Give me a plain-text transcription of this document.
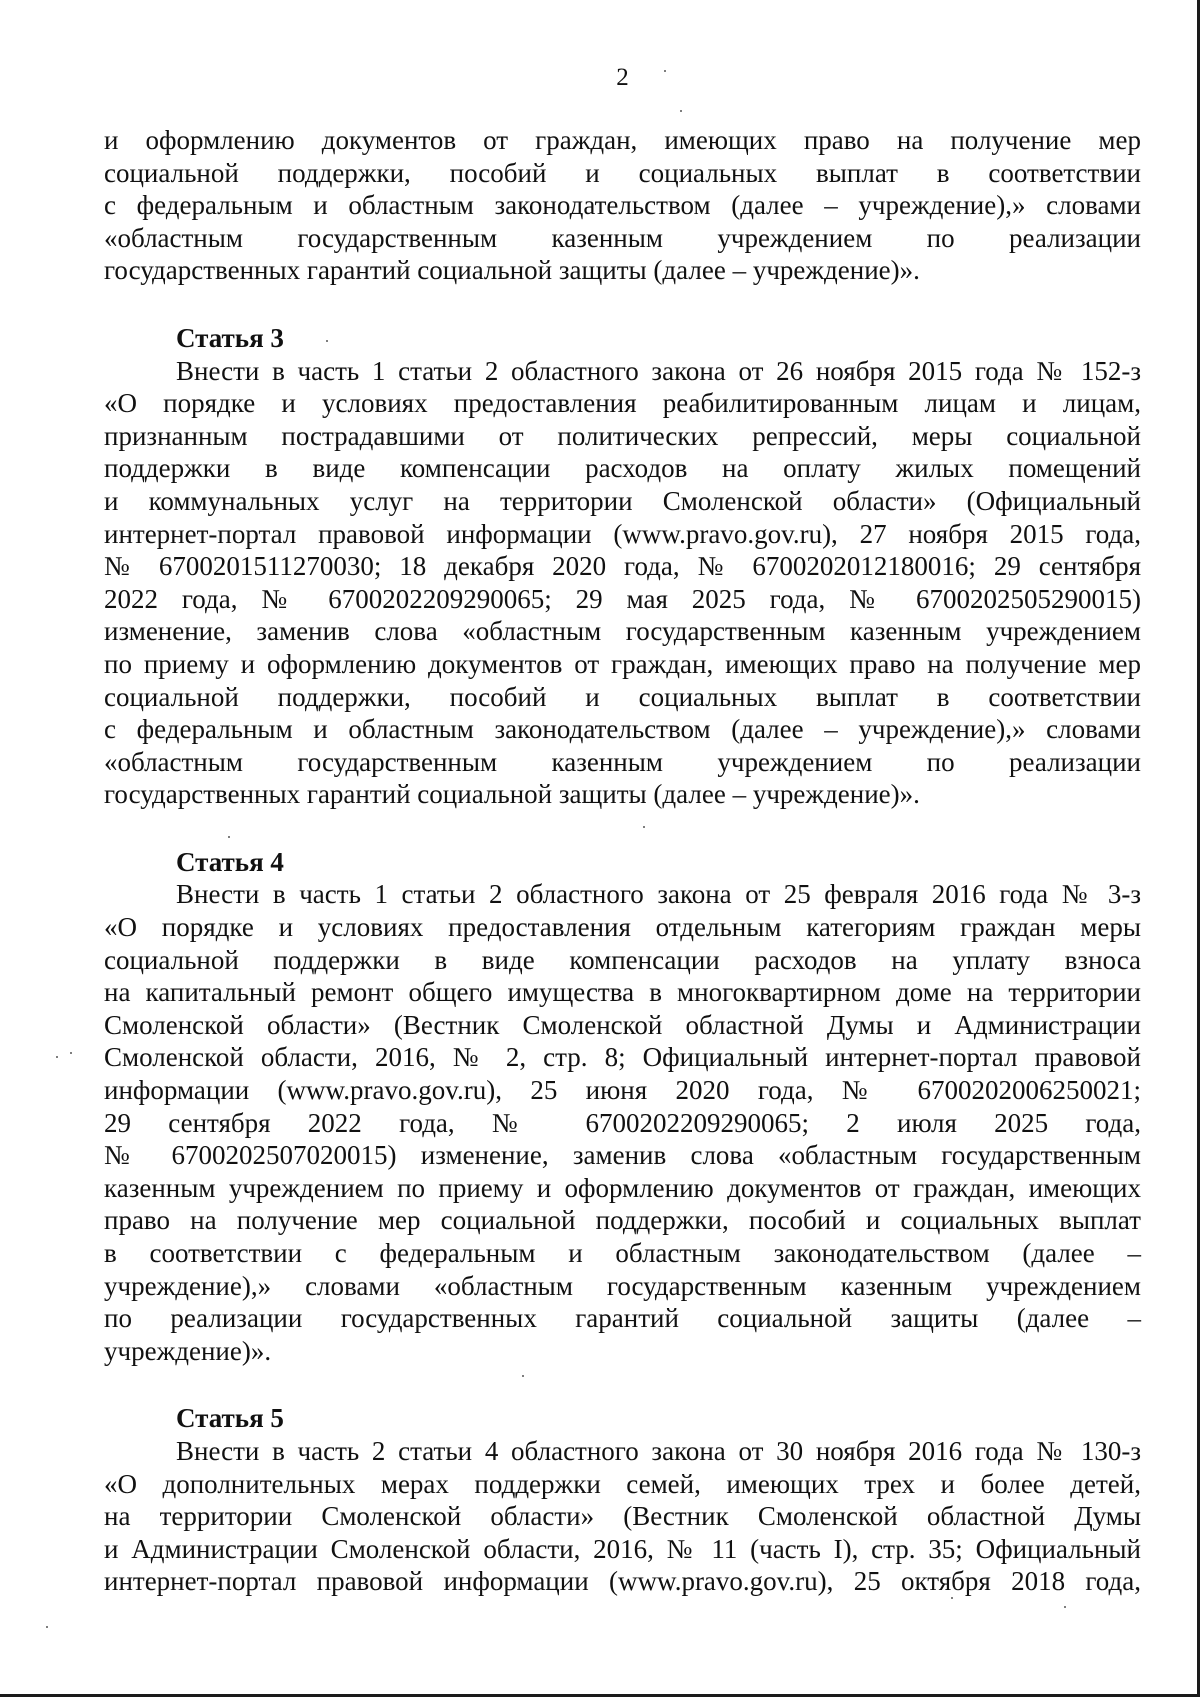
2
и оформлению документов от граждан, имеющих право на получение мер
социальной поддержки, пособий и социальных выплат в соответствии
с федеральным и областным законодательством (далее – учреждение),» словами
«областным государственным казенным учреждением по реализации
государственных гарантий социальной защиты (далее – учреждение)».
Статья 3
Внести в часть 1 статьи 2 областного закона от 26 ноября 2015 года № 152-з
«О порядке и условиях предоставления реабилитированным лицам и лицам,
признанным пострадавшими от политических репрессий, меры социальной
поддержки в виде компенсации расходов на оплату жилых помещений
и коммунальных услуг на территории Смоленской области» (Официальный
интернет-портал правовой информации (www.pravo.gov.ru), 27 ноября 2015 года,
№ 6700201511270030; 18 декабря 2020 года, № 6700202012180016; 29 сентября
2022 года, № 6700202209290065; 29 мая 2025 года, № 6700202505290015)
изменение, заменив слова «областным государственным казенным учреждением
по приему и оформлению документов от граждан, имеющих право на получение мер
социальной поддержки, пособий и социальных выплат в соответствии
с федеральным и областным законодательством (далее – учреждение),» словами
«областным государственным казенным учреждением по реализации
государственных гарантий социальной защиты (далее – учреждение)».
Статья 4
Внести в часть 1 статьи 2 областного закона от 25 февраля 2016 года № 3-з
«О порядке и условиях предоставления отдельным категориям граждан меры
социальной поддержки в виде компенсации расходов на уплату взноса
на капитальный ремонт общего имущества в многоквартирном доме на территории
Смоленской области» (Вестник Смоленской областной Думы и Администрации
Смоленской области, 2016, № 2, стр. 8; Официальный интернет-портал правовой
информации (www.pravo.gov.ru), 25 июня 2020 года, № 6700202006250021;
29 сентября 2022 года, № 6700202209290065; 2 июля 2025 года,
№ 6700202507020015) изменение, заменив слова «областным государственным
казенным учреждением по приему и оформлению документов от граждан, имеющих
право на получение мер социальной поддержки, пособий и социальных выплат
в соответствии с федеральным и областным законодательством (далее –
учреждение),» словами «областным государственным казенным учреждением
по реализации государственных гарантий социальной защиты (далее –
учреждение)».
Статья 5
Внести в часть 2 статьи 4 областного закона от 30 ноября 2016 года № 130-з
«О дополнительных мерах поддержки семей, имеющих трех и более детей,
на территории Смоленской области» (Вестник Смоленской областной Думы
и Администрации Смоленской области, 2016, № 11 (часть I), стр. 35; Официальный
интернет-портал правовой информации (www.pravo.gov.ru), 25 октября 2018 года,
